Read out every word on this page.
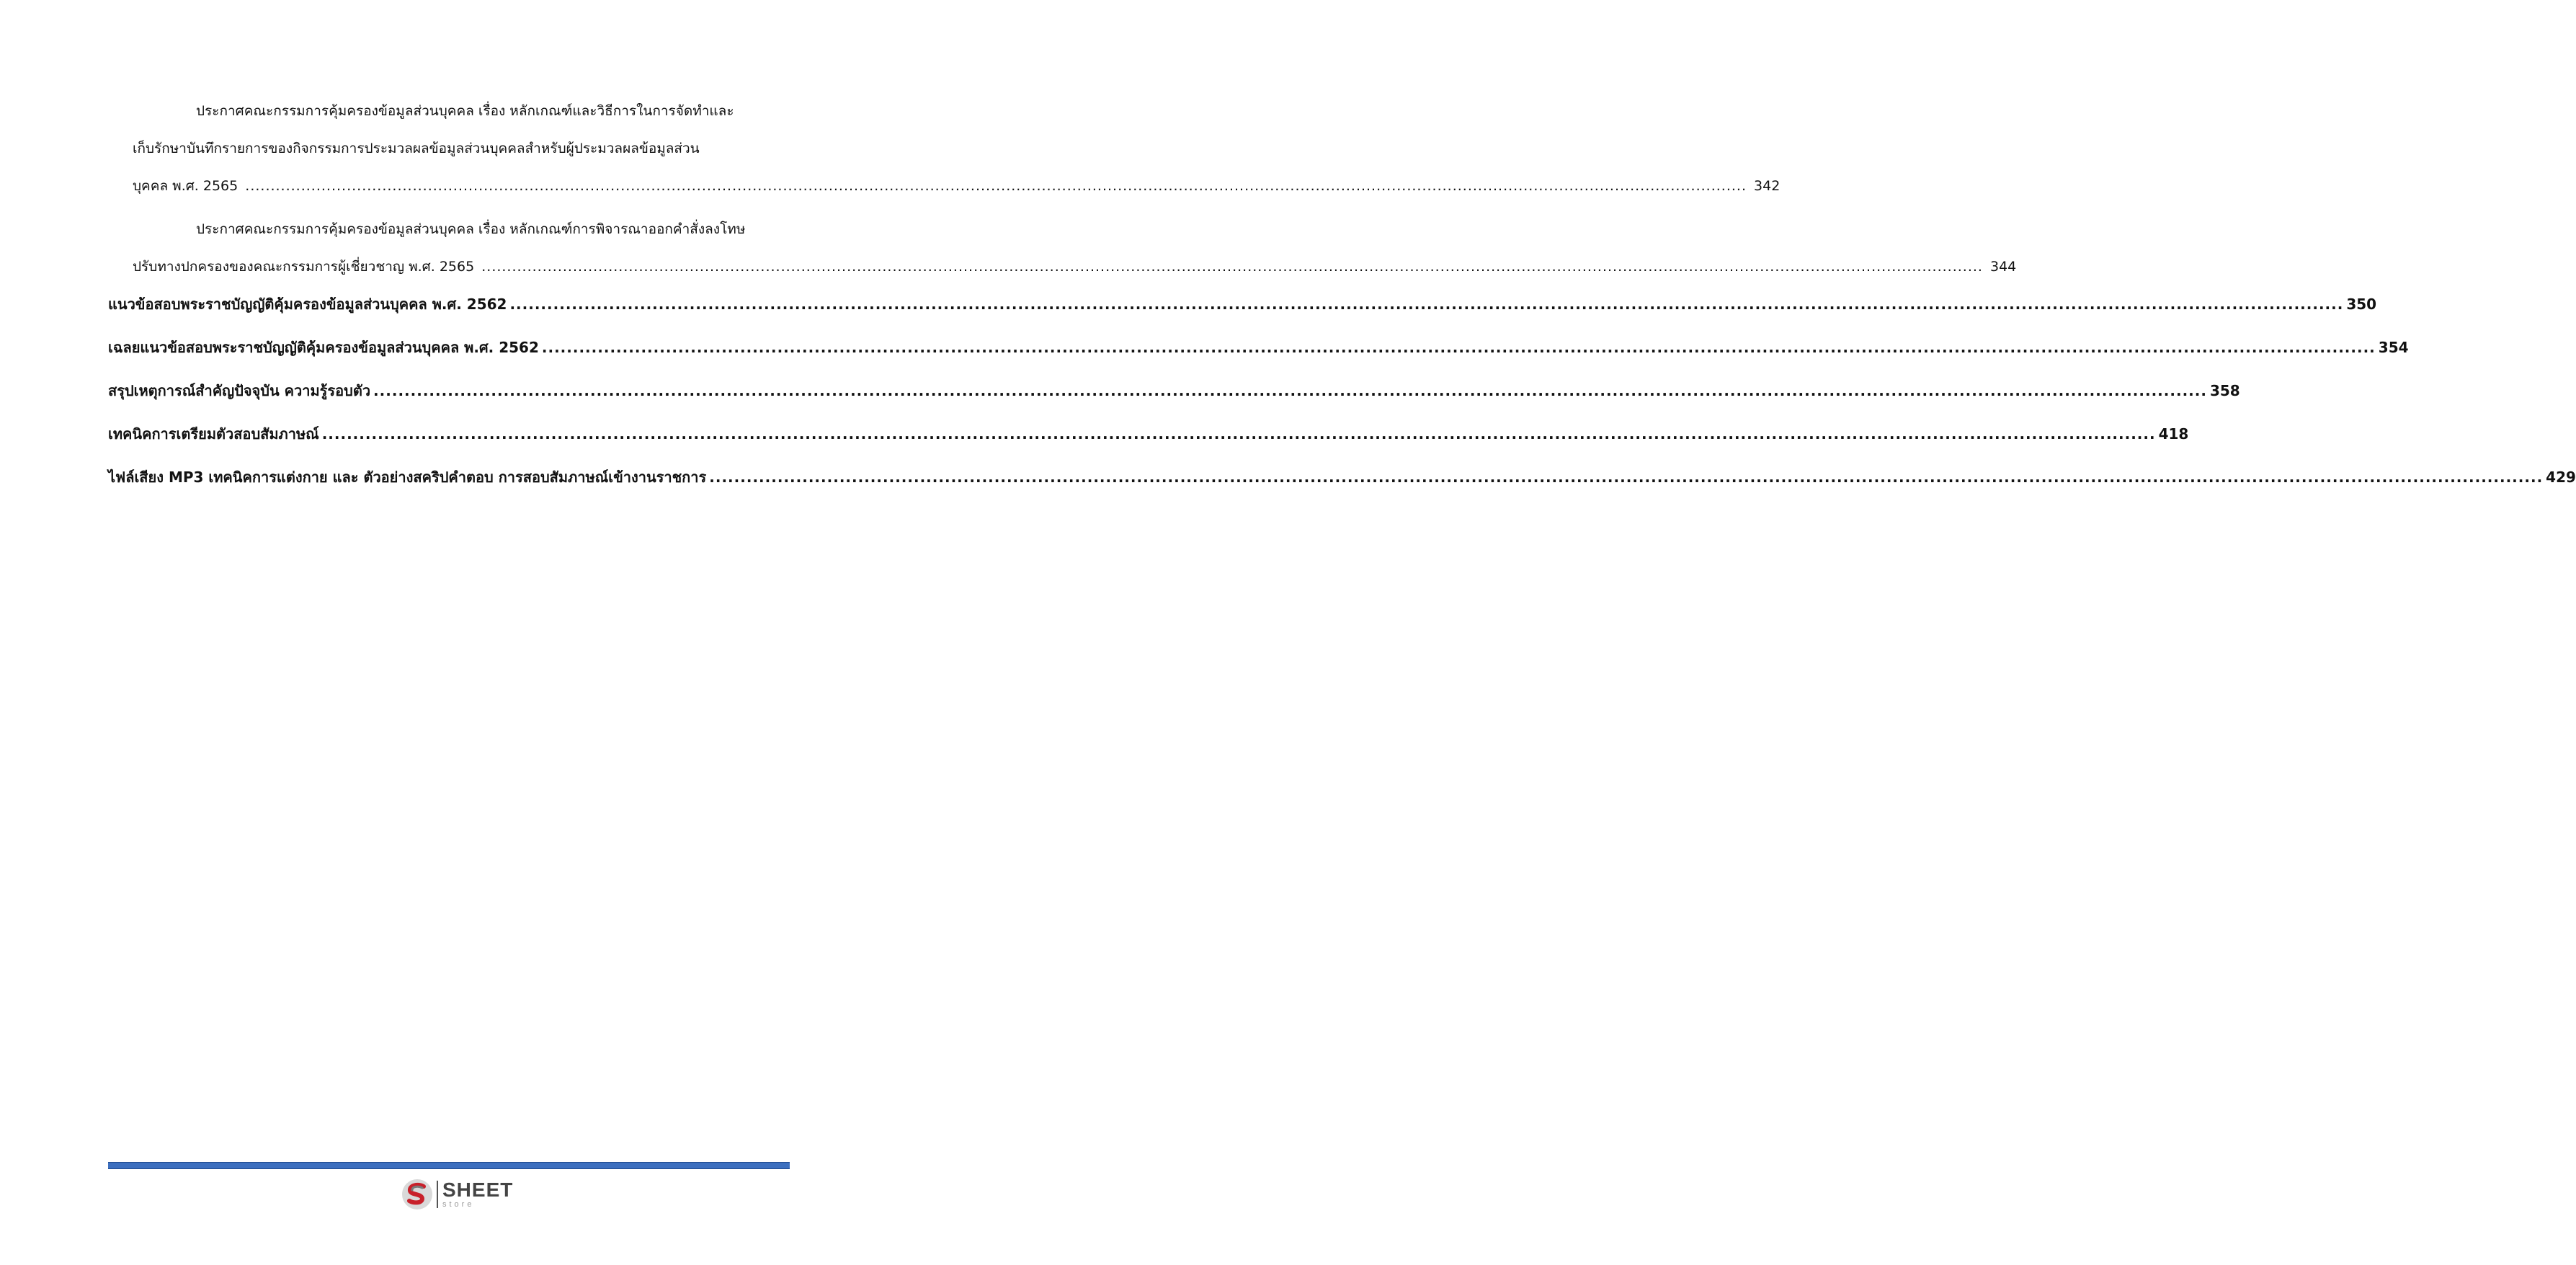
ประกาศคณะกรรมการคุ้มครองข้อมูลส่วนบุคคล เรื่อง หลักเกณฑ์และวิธีการในการจัดทำและ
เก็บรักษาบันทึกรายการของกิจกรรมการประมวลผลข้อมูลส่วนบุคคลสำหรับผู้ประมวลผลข้อมูลส่วน
บุคคล พ.ศ. 2565 .....	342
ประกาศคณะกรรมการคุ้มครองข้อมูลส่วนบุคคล เรื่อง หลักเกณฑ์การพิจารณาออกคำสั่งลงโทษ
ปรับทางปกครองของคณะกรรมการผู้เชี่ยวชาญ พ.ศ. 2565 .....	344
แนวข้อสอบพระราชบัญญัติคุ้มครองข้อมูลส่วนบุคคล พ.ศ. 2562 .....	350
เฉลยแนวข้อสอบพระราชบัญญัติคุ้มครองข้อมูลส่วนบุคคล พ.ศ. 2562 .....	354
สรุปเหตุการณ์สำคัญปัจจุบัน ความรู้รอบตัว .....	358
เทคนิคการเตรียมตัวสอบสัมภาษณ์ .....	418
ไฟล์เสียง MP3 เทคนิคการแต่งกาย และ ตัวอย่างสคริปคำตอบ การสอบสัมภาษณ์เข้างานราชการ .....	429
SHEET
store
